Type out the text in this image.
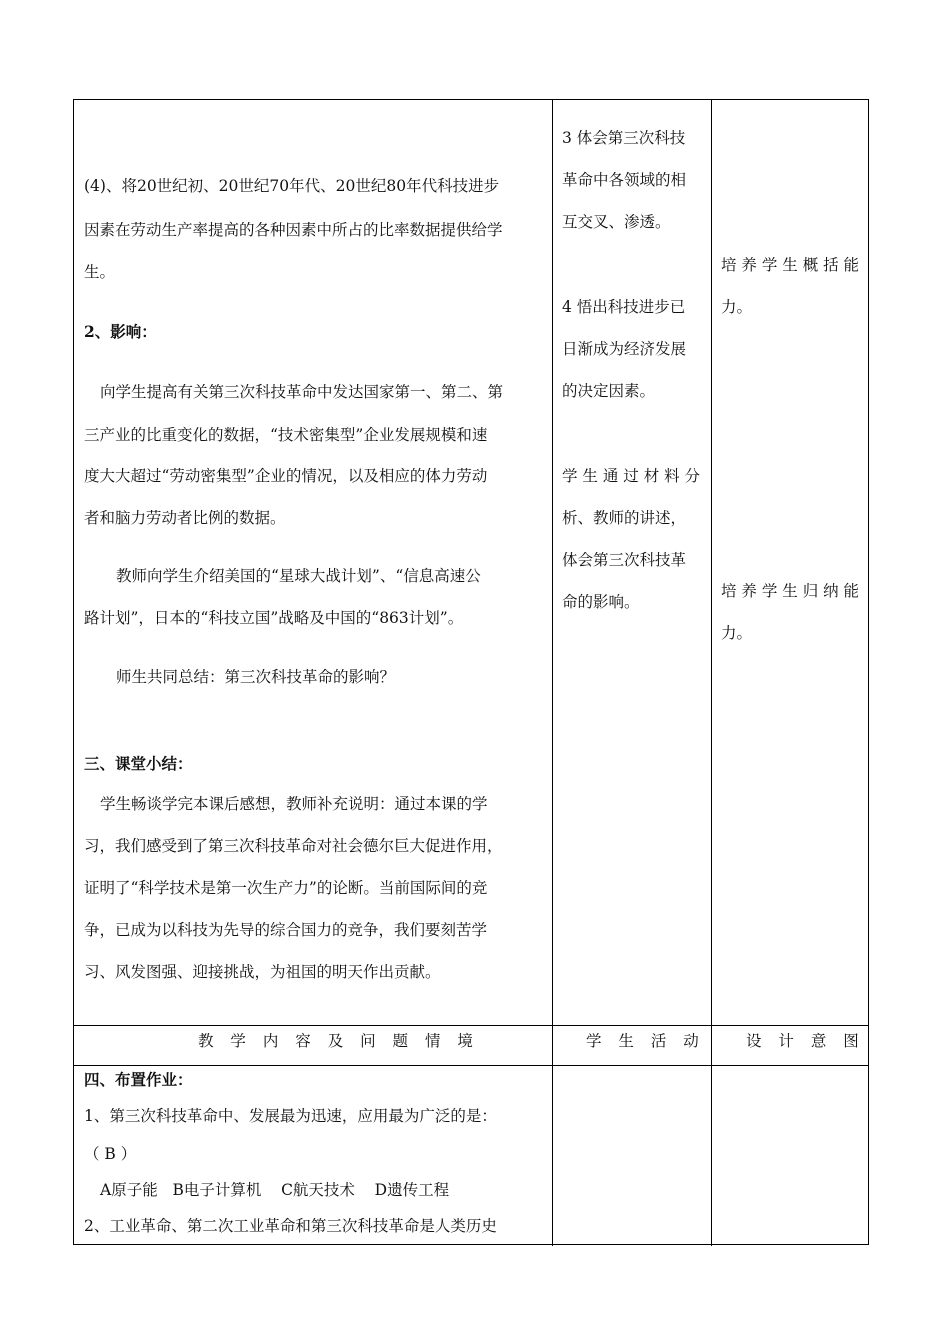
(4)、将20世纪初、20世纪70年代、20世纪80年代科技进步
因素在劳动生产率提高的各种因素中所占的比率数据提供给学
生。
2、影响：
向学生提高有关第三次科技革命中发达国家第一、第二、第
三产业的比重变化的数据，“技术密集型”企业发展规模和速
度大大超过“劳动密集型”企业的情况，以及相应的体力劳动
者和脑力劳动者比例的数据。
教师向学生介绍美国的“星球大战计划”、“信息高速公
路计划”，日本的“科技立国”战略及中国的“863计划”。
师生共同总结：第三次科技革命的影响？
三、课堂小结：
学生畅谈学完本课后感想，教师补充说明：通过本课的学
习，我们感受到了第三次科技革命对社会德尔巨大促进作用，
证明了“科学技术是第一次生产力”的论断。当前国际间的竞
争，已成为以科技为先导的综合国力的竞争，我们要刻苦学
习、风发图强、迎接挑战，为祖国的明天作出贡献。
3 体会第三次科技
革命中各领域的相
互交叉、渗透。
4 悟出科技进步已
日渐成为经济发展
的决定因素。
学 生 通 过 材 料 分
析、教师的讲述，
体会第三次科技革
命的影响。
培 养 学 生 概 括 能
力。
培 养 学 生 归 纳 能
力。
教 学 内 容 及 问 题 情 境	学 生 活 动	设 计 意 图
四、布置作业：
1、第三次科技革命中、发展最为迅速，应用最为广泛的是：
（ B ）
A原子能   B电子计算机    C航天技术    D遗传工程
2、工业革命、第二次工业革命和第三次科技革命是人类历史
